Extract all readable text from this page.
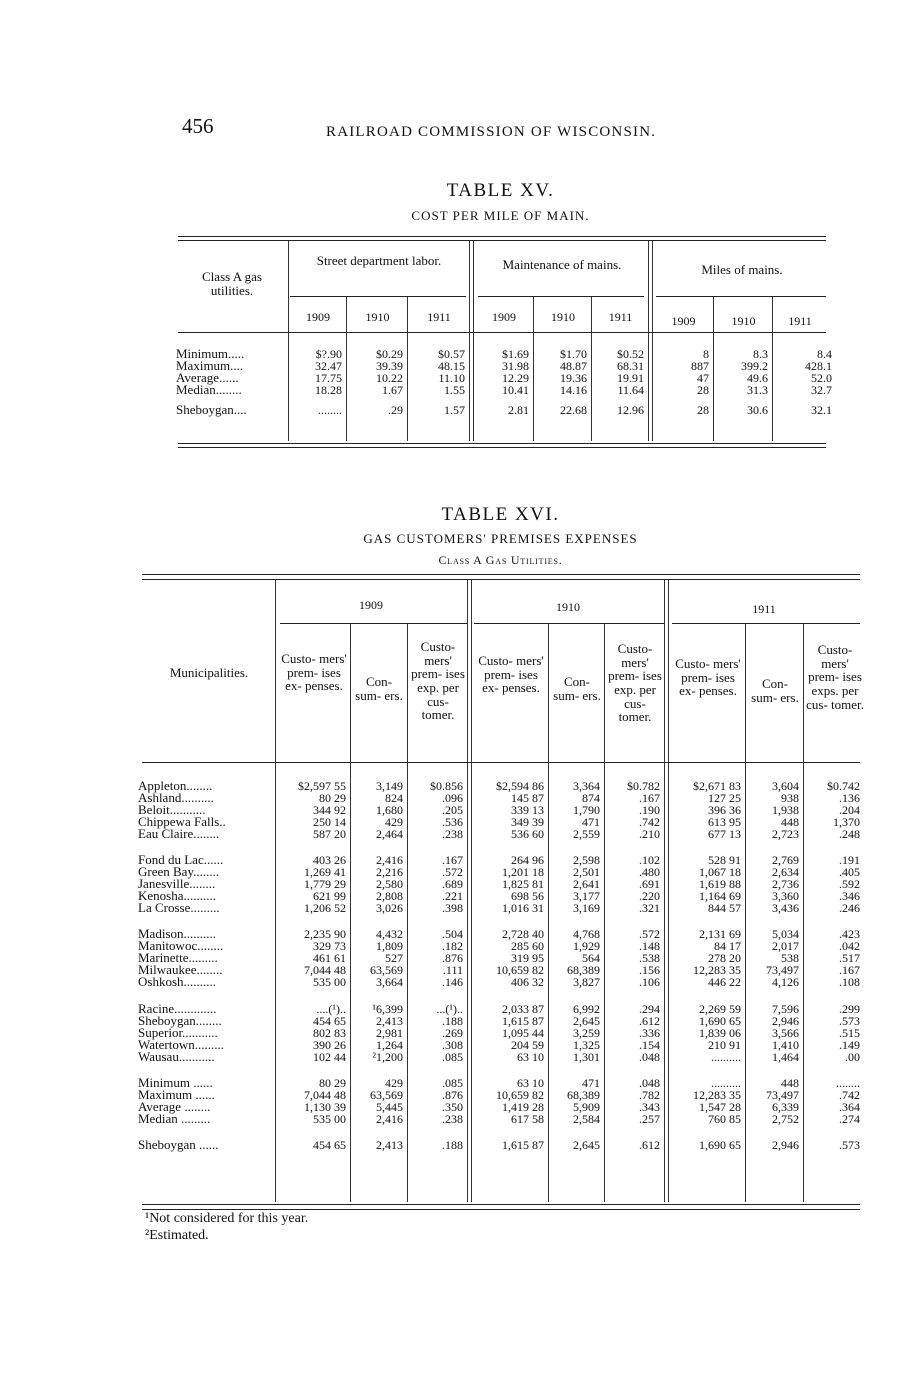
456	RAILROAD COMMISSION OF WISCONSIN.
TABLE XV.
COST PER MILE OF MAIN.
Class A gas utilities.
Street department labor.	Maintenance of mains.	Miles of mains.
1909	1910	1911	1909	1910	1911	1909	1910	1911
Minimum.....	$?.90	$0.29	$0.57	$1.69	$1.70	$0.52	8	8.3	8.4
Maximum....	32.47	39.39	48.15	31.98	48.87	68.31	887	399.2	428.1
Average......	17.75	10.22	11.10	12.29	19.36	19.91	47	49.6	52.0
Median........	18.28	1.67	1.55	10.41	14.16	11.64	28	31.3	32.7

Sheboygan....	........	.29	1.57	2.81	22.68	12.96	28	30.6	32.1
TABLE XVI.
GAS CUSTOMERS' PREMISES EXPENSES
Class A Gas Utilities.
1909	1910	1911
Municipalities.
Custo- mers' prem- ises ex- penses.	Con- sum- ers.
Custo- mers' prem- ises exp. per cus- tomer.
Custo- mers' prem- ises ex- penses.	Con- sum- ers.
Custo- mers' prem- ises exp. per cus- tomer.
Custo- mers' prem- ises ex- penses.	Con- sum- ers.
Custo- mers' prem- ises exps. per cus- tomer.
Appleton........	$2,597 55	3,149	$0.856	$2,594 86	3,364	$0.782	$2,671 83	3,604	$0.742
Ashland..........	80 29	824	.096	145 87	874	.167	127 25	938	.136
Beloit...........	344 92	1,680	.205	339 13	1,790	.190	396 36	1,938	.204
Chippewa Falls..	250 14	429	.536	349 39	471	.742	613 95	448	1,370
Eau Claire........	587 20	2,464	.238	536 60	2,559	.210	677 13	2,723	.248

Fond du Lac......	403 26	2,416	.167	264 96	2,598	.102	528 91	2,769	.191
Green Bay........	1,269 41	2,216	.572	1,201 18	2,501	.480	1,067 18	2,634	.405
Janesville........	1,779 29	2,580	.689	1,825 81	2,641	.691	1,619 88	2,736	.592
Kenosha..........	621 99	2,808	.221	698 56	3,177	.220	1,164 69	3,360	.346
La Crosse.........	1,206 52	3,026	.398	1,016 31	3,169	.321	844 57	3,436	.246

Madison..........	2,235 90	4,432	.504	2,728 40	4,768	.572	2,131 69	5,034	.423
Manitowoc........	329 73	1,809	.182	285 60	1,929	.148	84 17	2,017	.042
Marinette.........	461 61	527	.876	319 95	564	.538	278 20	538	.517
Milwaukee........	7,044 48	63,569	.111	10,659 82	68,389	.156	12,283 35	73,497	.167
Oshkosh..........	535 00	3,664	.146	406 32	3,827	.106	446 22	4,126	.108

Racine.............	....(¹)..	¹6,399	...(¹)..	2,033 87	6,992	.294	2,269 59	7,596	.299
Sheboygan........	454 65	2,413	.188	1,615 87	2,645	.612	1,690 65	2,946	.573
Superior...........	802 83	2,981	.269	1,095 44	3,259	.336	1,839 06	3,566	.515
Watertown.........	390 26	1,264	.308	204 59	1,325	.154	210 91	1,410	.149
Wausau...........	102 44	²1,200	.085	63 10	1,301	.048	..........	1,464	.00

Minimum ......	80 29	429	.085	63 10	471	.048	..........	448	........
Maximum ......	7,044 48	63,569	.876	10,659 82	68,389	.782	12,283 35	73,497	.742
Average ........	1,130 39	5,445	.350	1,419 28	5,909	.343	1,547 28	6,339	.364
Median .........	535 00	2,416	.238	617 58	2,584	.257	760 85	2,752	.274

Sheboygan ......	454 65	2,413	.188	1,615 87	2,645	.612	1,690 65	2,946	.573
¹Not considered for this year.
²Estimated.
